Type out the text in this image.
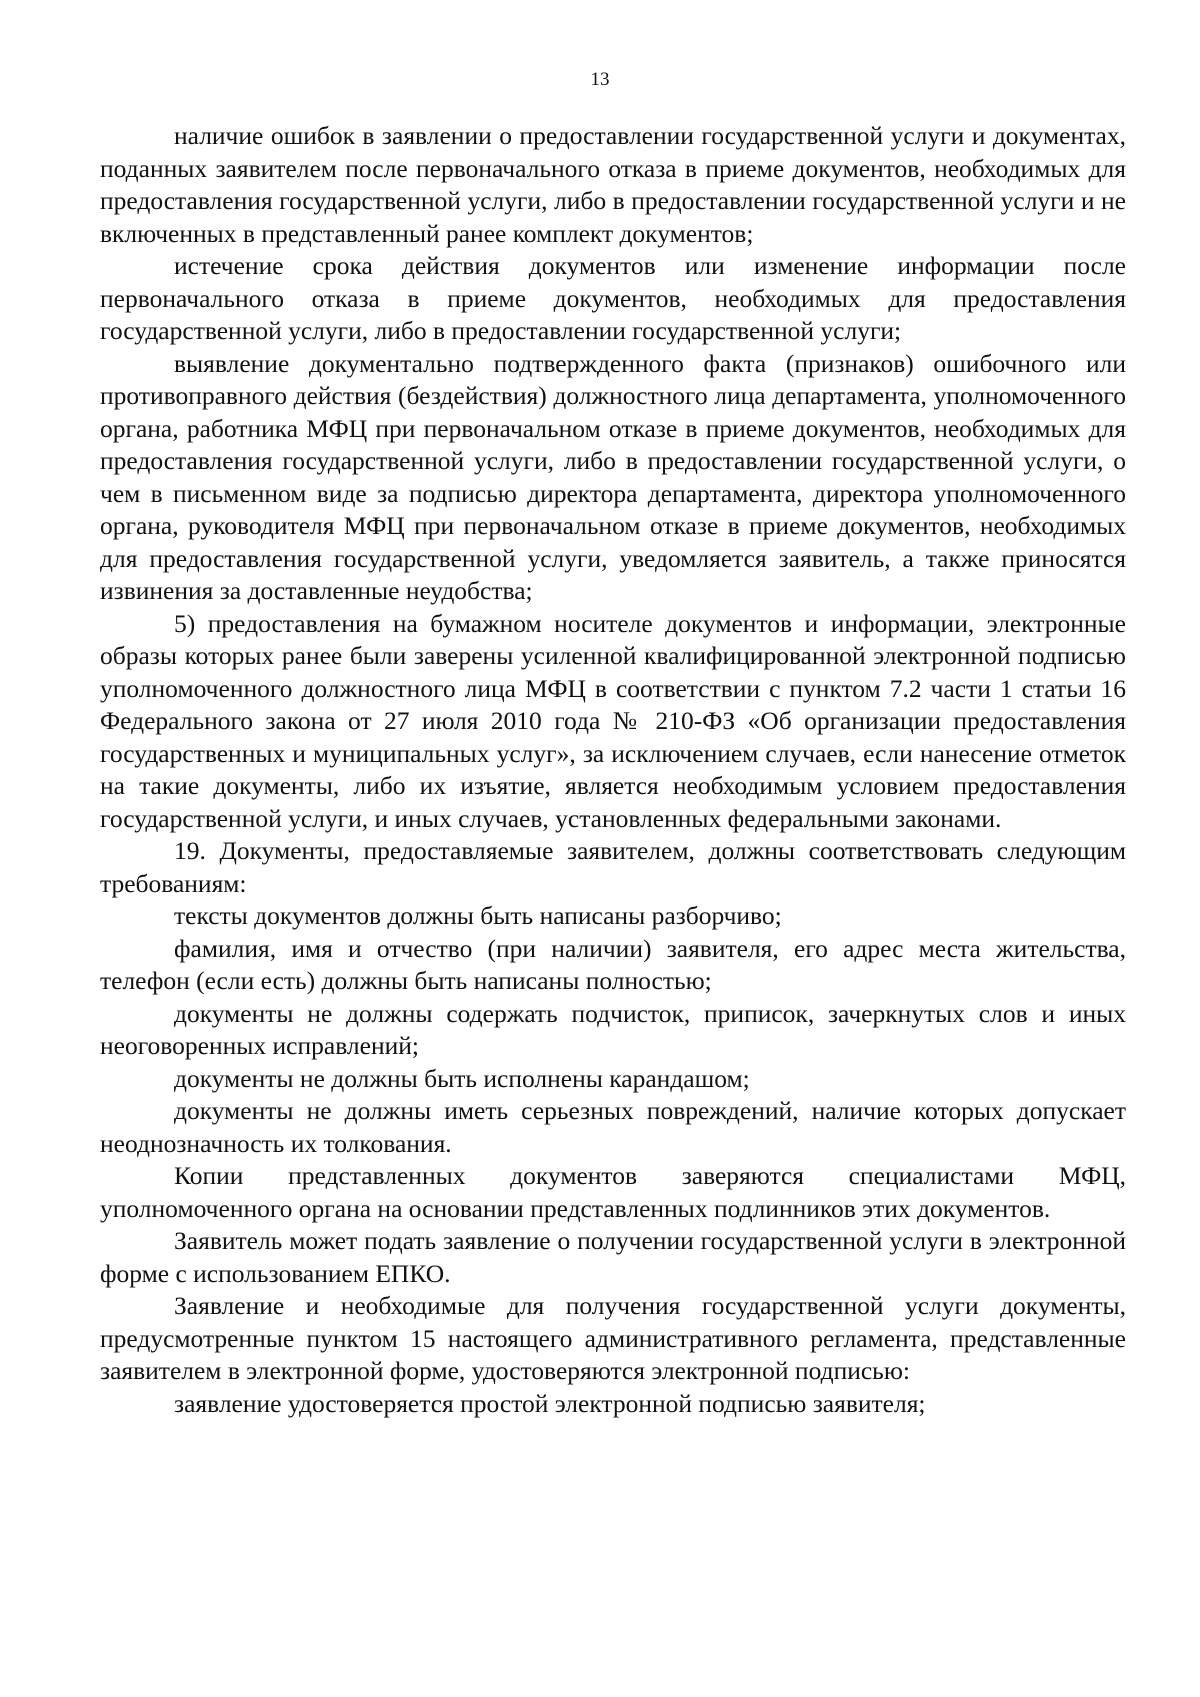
13

наличие ошибок в заявлении о предоставлении государственной услуги и документах, поданных заявителем после первоначального отказа в приеме документов, необходимых для предоставления государственной услуги, либо в предоставлении государственной услуги и не включенных в представленный ранее комплект документов;

истечение срока действия документов или изменение информации после первоначального отказа в приеме документов, необходимых для предоставления государственной услуги, либо в предоставлении государственной услуги;

выявление документально подтвержденного факта (признаков) ошибочного или противоправного действия (бездействия) должностного лица департамента, уполномоченного органа, работника МФЦ при первоначальном отказе в приеме документов, необходимых для предоставления государственной услуги, либо в предоставлении государственной услуги, о чем в письменном виде за подписью директора департамента, директора уполномоченного органа, руководителя МФЦ при первоначальном отказе в приеме документов, необходимых для предоставления государственной услуги, уведомляется заявитель, а также приносятся извинения за доставленные неудобства;

5) предоставления на бумажном носителе документов и информации, электронные образы которых ранее были заверены усиленной квалифицированной электронной подписью уполномоченного должностного лица МФЦ в соответствии с пунктом 7.2 части 1 статьи 16 Федерального закона от 27 июля 2010 года № 210-ФЗ «Об организации предоставления государственных и муниципальных услуг», за исключением случаев, если нанесение отметок на такие документы, либо их изъятие, является необходимым условием предоставления государственной услуги, и иных случаев, установленных федеральными законами.

19. Документы, предоставляемые заявителем, должны соответствовать следующим требованиям:

тексты документов должны быть написаны разборчиво;

фамилия, имя и отчество (при наличии) заявителя, его адрес места жительства, телефон (если есть) должны быть написаны полностью;

документы не должны содержать подчисток, приписок, зачеркнутых слов и иных неоговоренных исправлений;

документы не должны быть исполнены карандашом;

документы не должны иметь серьезных повреждений, наличие которых допускает неоднозначность их толкования.

Копии представленных документов заверяются специалистами МФЦ, уполномоченного органа на основании представленных подлинников этих документов.

Заявитель может подать заявление о получении государственной услуги в электронной форме с использованием ЕПКО.

Заявление и необходимые для получения государственной услуги документы, предусмотренные пунктом 15 настоящего административного регламента, представленные заявителем в электронной форме, удостоверяются электронной подписью:

заявление удостоверяется простой электронной подписью заявителя;
